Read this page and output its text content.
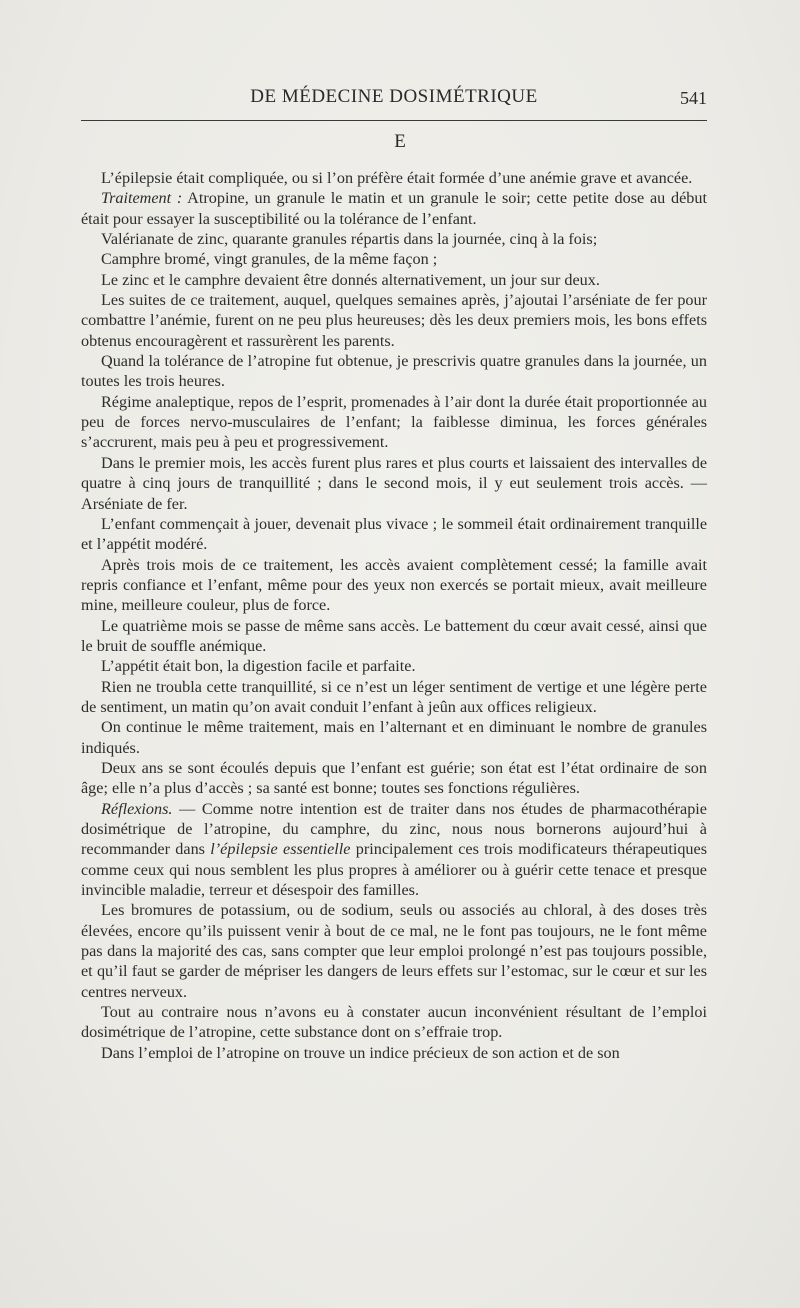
DE MÉDECINE DOSIMÉTRIQUE	541
E

L’épilepsie était compliquée, ou si l’on préfère était formée d’une anémie grave et avancée.

Traitement : Atropine, un granule le matin et un granule le soir; cette petite dose au début était pour essayer la susceptibilité ou la tolérance de l’enfant.

Valérianate de zinc, quarante granules répartis dans la journée, cinq à la fois;

Camphre bromé, vingt granules, de la même façon ;

Le zinc et le camphre devaient être donnés alternativement, un jour sur deux.

Les suites de ce traitement, auquel, quelques semaines après, j’ajoutai l’arséniate de fer pour combattre l’anémie, furent on ne peu plus heureuses; dès les deux premiers mois, les bons effets obtenus encouragèrent et rassurèrent les parents.

Quand la tolérance de l’atropine fut obtenue, je prescrivis quatre granules dans la journée, un toutes les trois heures.

Régime analeptique, repos de l’esprit, promenades à l’air dont la durée était proportionnée au peu de forces nervo-musculaires de l’enfant; la faiblesse diminua, les forces générales s’accrurent, mais peu à peu et progressivement.

Dans le premier mois, les accès furent plus rares et plus courts et laissaient des intervalles de quatre à cinq jours de tranquillité ; dans le second mois, il y eut seulement trois accès. — Arséniate de fer.

L’enfant commençait à jouer, devenait plus vivace ; le sommeil était ordinairement tranquille et l’appétit modéré.

Après trois mois de ce traitement, les accès avaient complètement cessé; la famille avait repris confiance et l’enfant, même pour des yeux non exercés se portait mieux, avait meilleure mine, meilleure couleur, plus de force.

Le quatrième mois se passe de même sans accès. Le battement du cœur avait cessé, ainsi que le bruit de souffle anémique.

L’appétit était bon, la digestion facile et parfaite.

Rien ne troubla cette tranquillité, si ce n’est un léger sentiment de vertige et une légère perte de sentiment, un matin qu’on avait conduit l’enfant à jeûn aux offices religieux.

On continue le même traitement, mais en l’alternant et en diminuant le nombre de granules indiqués.

Deux ans se sont écoulés depuis que l’enfant est guérie; son état est l’état ordinaire de son âge; elle n’a plus d’accès ; sa santé est bonne; toutes ses fonctions régulières.

Réflexions. — Comme notre intention est de traiter dans nos études de pharmacothérapie dosimétrique de l’atropine, du camphre, du zinc, nous nous bornerons aujourd’hui à recommander dans l’épilepsie essentielle principalement ces trois modificateurs thérapeutiques comme ceux qui nous semblent les plus propres à améliorer ou à guérir cette tenace et presque invincible maladie, terreur et désespoir des familles.

Les bromures de potassium, ou de sodium, seuls ou associés au chloral, à des doses très élevées, encore qu’ils puissent venir à bout de ce mal, ne le font pas toujours, ne le font même pas dans la majorité des cas, sans compter que leur emploi prolongé n’est pas toujours possible, et qu’il faut se garder de mépriser les dangers de leurs effets sur l’estomac, sur le cœur et sur les centres nerveux.

Tout au contraire nous n’avons eu à constater aucun inconvénient résultant de l’emploi dosimétrique de l’atropine, cette substance dont on s’effraie trop.

Dans l’emploi de l’atropine on trouve un indice précieux de son action et de son
